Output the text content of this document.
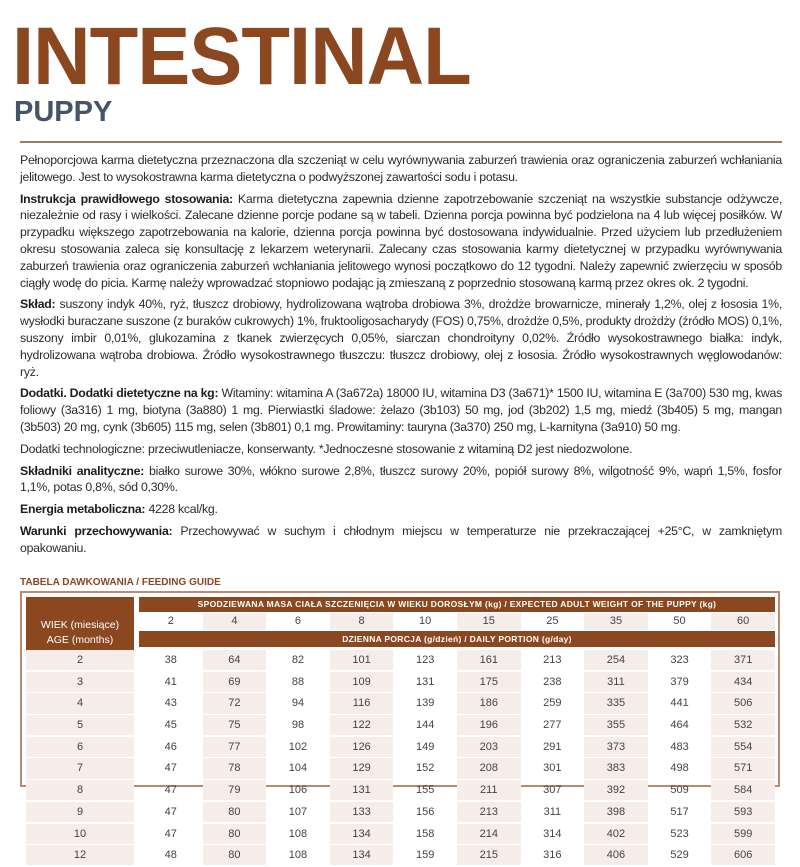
INTESTINAL
PUPPY

Pełnoporcjowa karma dietetyczna przeznaczona dla szczeniąt w celu wyrównywania zaburzeń trawienia oraz ograniczenia zaburzeń wchłaniania jelitowego. Jest to wysokostrawna karma dietetyczna o podwyższonej zawartości sodu i potasu.

Instrukcja prawidłowego stosowania: Karma dietetyczna zapewnia dzienne zapotrzebowanie szczeniąt na wszystkie substancje odżywcze, niezależnie od rasy i wielkości. Zalecane dzienne porcje podane są w tabeli. Dzienna porcja powinna być podzielona na 4 lub więcej posiłków. W przypadku większego zapotrzebowania na kalorie, dzienna porcja powinna być dostosowana indywidualnie. Przed użyciem lub przedłużeniem okresu stosowania zaleca się konsultację z lekarzem weterynarii. Zalecany czas stosowania karmy dietetycznej w przypadku wyrównywania zaburzeń trawienia oraz ograniczenia zaburzeń wchłaniania jelitowego wynosi początkowo do 12 tygodni. Należy zapewnić zwierzęciu w sposób ciągły wodę do picia. Karmę należy wprowadzać stopniowo podając ją zmieszaną z poprzednio stosowaną karmą przez okres ok. 2 tygodni.

Skład: suszony indyk 40%, ryż, tłuszcz drobiowy, hydrolizowana wątroba drobiowa 3%, drożdże browarnicze, minerały 1,2%, olej z łososia 1%, wysłodki buraczane suszone (z buraków cukrowych) 1%, fruktooligosacharydy (FOS) 0,75%, drożdże 0,5%, produkty drożdży (źródło MOS) 0,1%, suszony imbir 0,01%, glukozamina z tkanek zwierzęcych 0,05%, siarczan chondroityny 0,02%. Źródło wysokostrawnego białka: indyk, hydrolizowana wątroba drobiowa. Źródło wysokostrawnego tłuszczu: tłuszcz drobiowy, olej z łososia. Źródło wysokostrawnych węglowodanów: ryż.

Dodatki. Dodatki dietetyczne na kg: Witaminy: witamina A (3a672a) 18000 IU, witamina D3 (3a671)* 1500 IU, witamina E (3a700) 530 mg, kwas foliowy (3a316) 1 mg, biotyna (3a880) 1 mg. Pierwiastki śladowe: żelazo (3b103) 50 mg, jod (3b202) 1,5 mg, miedź (3b405) 5 mg, mangan (3b503) 20 mg, cynk (3b605) 115 mg, selen (3b801) 0,1 mg. Prowitaminy: tauryna (3a370) 250 mg, L-karnityna (3a910) 50 mg.

Dodatki technologiczne: przeciwutleniacze, konserwanty. *Jednoczesne stosowanie z witaminą D2 jest niedozwolone.

Składniki analityczne: białko surowe 30%, włókno surowe 2,8%, tłuszcz surowy 20%, popiół surowy 8%, wilgotność 9%, wapń 1,5%, fosfor 1,1%, potas 0,8%, sód 0,30%.

Energia metaboliczna: 4228 kcal/kg.

Warunki przechowywania: Przechowywać w suchym i chłodnym miejscu w temperaturze nie przekraczającej +25°C, w zamkniętym opakowaniu.

TABELA DAWKOWANIA / FEEDING GUIDE
WIEK (miesiące)
AGE (months)
SPODZIEWANA MASA CIAŁA SZCZENIĘCIA W WIEKU DOROSŁYM (kg) / EXPECTED ADULT WEIGHT OF THE PUPPY (kg)
2	4	6	8	10	15	25	35	50	60
DZIENNA PORCJA (g/dzień) / DAILY PORTION (g/day)
2	38	64	82	101	123	161	213	254	323	371
3	41	69	88	109	131	175	238	311	379	434
4	43	72	94	116	139	186	259	335	441	506
5	45	75	98	122	144	196	277	355	464	532
6	46	77	102	126	149	203	291	373	483	554
7	47	78	104	129	152	208	301	383	498	571
8	47	79	106	131	155	211	307	392	509	584
9	47	80	107	133	156	213	311	398	517	593
10	47	80	108	134	158	214	314	402	523	599
12	48	80	108	134	159	215	316	406	529	606
